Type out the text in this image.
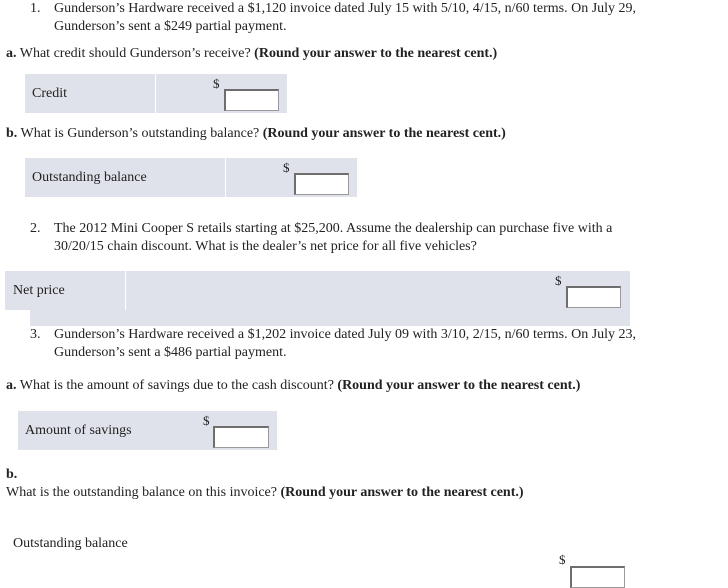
1. Gunderson’s Hardware received a $1,120 invoice dated July 15 with 5/10, 4/15, n/60 terms. On July 29, Gunderson’s sent a $249 partial payment.
a. What credit should Gunderson’s receive? (Round your answer to the nearest cent.)
Credit
$
b. What is Gunderson’s outstanding balance? (Round your answer to the nearest cent.)
Outstanding balance
$
2. The 2012 Mini Cooper S retails starting at $25,200. Assume the dealership can purchase five with a 30/20/15 chain discount. What is the dealer’s net price for all five vehicles?
Net price
$
3. Gunderson’s Hardware received a $1,202 invoice dated July 09 with 3/10, 2/15, n/60 terms. On July 23, Gunderson’s sent a $486 partial payment.
a. What is the amount of savings due to the cash discount? (Round your answer to the nearest cent.)
Amount of savings
$
b.
What is the outstanding balance on this invoice? (Round your answer to the nearest cent.)
Outstanding balance
$
